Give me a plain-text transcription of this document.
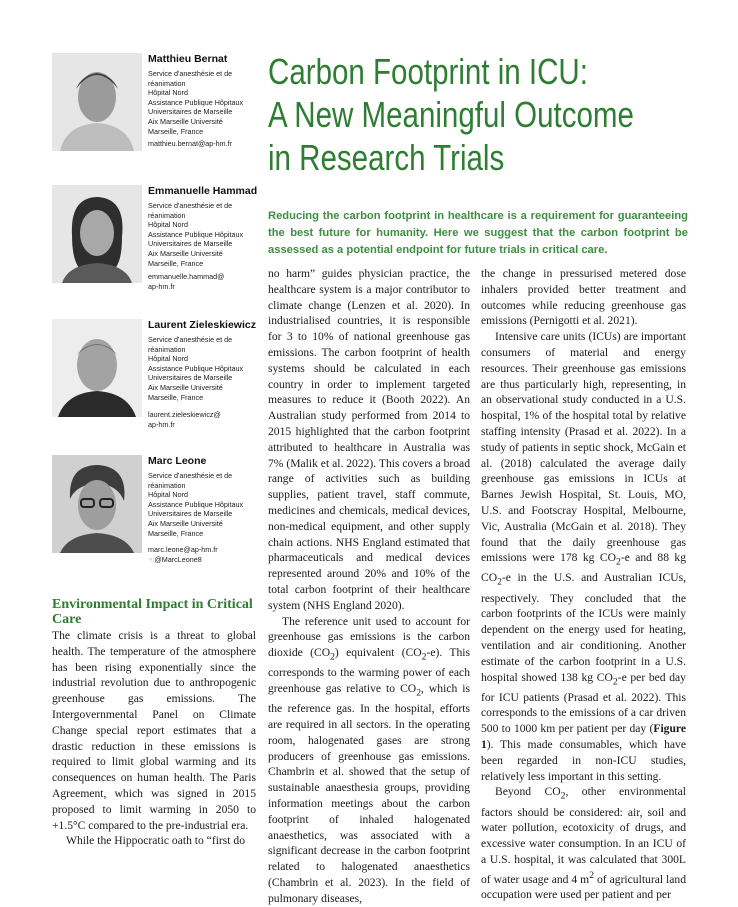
Matthieu Bernat
Service d'anesthésie et de
réanimation
Hôpital Nord
Assistance Publique Hôpitaux
Universitaires de Marseille
Aix Marseille Université
Marseille, France
matthieu.bernat@ap-hm.fr
Emmanuelle Hammad
Service d'anesthésie et de
réanimation
Hôpital Nord
Assistance Publique Hôpitaux
Universitaires de Marseille
Aix Marseille Université
Marseille, France
emmanuelle.hammad@
ap-hm.fr
Laurent Zieleskiewicz
Service d'anesthésie et de
réanimation
Hôpital Nord
Assistance Publique Hôpitaux
Universitaires de Marseille
Aix Marseille Université
Marseille, France
laurent.zieleskiewicz@
ap-hm.fr
Marc Leone
Service d'anesthésie et de
réanimation
Hôpital Nord
Assistance Publique Hôpitaux
Universitaires de Marseille
Aix Marseille Université
Marseille, France
marc.leone@ap-hm.fr
☜@MarcLeone8
Carbon Footprint in ICU:
A New Meaningful Outcome
in Research Trials
Reducing the carbon footprint in healthcare is a requirement for guaranteeing the best future for humanity. Here we suggest that the carbon footprint be assessed as a potential endpoint for future trials in critical care.
Environmental Impact in Critical Care

The climate crisis is a threat to global health. The temperature of the atmosphere has been rising exponentially since the industrial revolution due to anthropogenic greenhouse gas emissions. The Intergovernmental Panel on Climate Change special report estimates that a drastic reduction in these emissions is required to limit global warming and its consequences on human health. The Paris Agreement, which was signed in 2015 proposed to limit warming in 2050 to +1.5°C compared to the pre-industrial era.

While the Hippocratic oath to “first do

no harm” guides physician practice, the healthcare system is a major contributor to climate change (Lenzen et al. 2020). In industrialised countries, it is responsible for 3 to 10% of national greenhouse gas emissions. The carbon footprint of health systems should be calculated in each country in order to implement targeted measures to reduce it (Booth 2022). An Australian study performed from 2014 to 2015 highlighted that the carbon footprint attributed to healthcare in Australia was 7% (Malik et al. 2022). This covers a broad range of activities such as building supplies, patient travel, staff commute, medicines and chemicals, medical devices, non-medical equipment, and other supply chain actions. NHS England estimated that pharmaceuticals and medical devices represented around 20% and 10% of the total carbon footprint of their healthcare system (NHS England 2020).

The reference unit used to account for greenhouse gas emissions is the carbon dioxide $(CO_2)$ equivalent $(CO_2-e)$. This corresponds to the warming power of each greenhouse gas relative to $CO_2$, which is the reference gas. In the hospital, efforts are required in all sectors. In the operating room, halogenated gases are strong producers of greenhouse gas emissions. Chambrin et al. showed that the setup of sustainable anaesthesia groups, providing information meetings about the carbon footprint of inhaled halogenated anaesthetics, was associated with a significant decrease in the carbon footprint related to halogenated anaesthetics (Chambrin et al. 2023). In the field of pulmonary diseases,

the change in pressurised metered dose inhalers provided better treatment and outcomes while reducing greenhouse gas emissions (Pernigotti et al. 2021).

Intensive care units (ICUs) are important consumers of material and energy resources. Their greenhouse gas emissions are thus particularly high, representing, in an observational study conducted in a U.S. hospital, 1% of the hospital total by relative staffing intensity (Prasad et al. 2022). In a study of patients in septic shock, McGain et al. (2018) calculated the average daily greenhouse gas emissions in ICUs at Barnes Jewish Hospital, St. Louis, MO, U.S. and Footscray Hospital, Melbourne, Vic, Australia (McGain et al. 2018). They found that the daily greenhouse gas emissions were 178 kg $CO_2-e$ and 88 kg $CO_2-e$ in the U.S. and Australian ICUs, respectively. They concluded that the carbon footprints of the ICUs were mainly dependent on the energy used for heating, ventilation and air conditioning. Another estimate of the carbon footprint in a U.S. hospital showed 138 kg $CO_2-e$ per bed day for ICU patients (Prasad et al. 2022). This corresponds to the emissions of a car driven 500 to 1000 km per patient per day (Figure 1). This made consumables, which have been regarded in non-ICU studies, relatively less important in this setting.

Beyond $CO_2$, other environmental factors should be considered: air, soil and water pollution, ecotoxicity of drugs, and excessive water consumption. In an ICU of a U.S. hospital, it was calculated that 300L of water usage and 4 $m^2$ of agricultural land occupation were used per patient and per
